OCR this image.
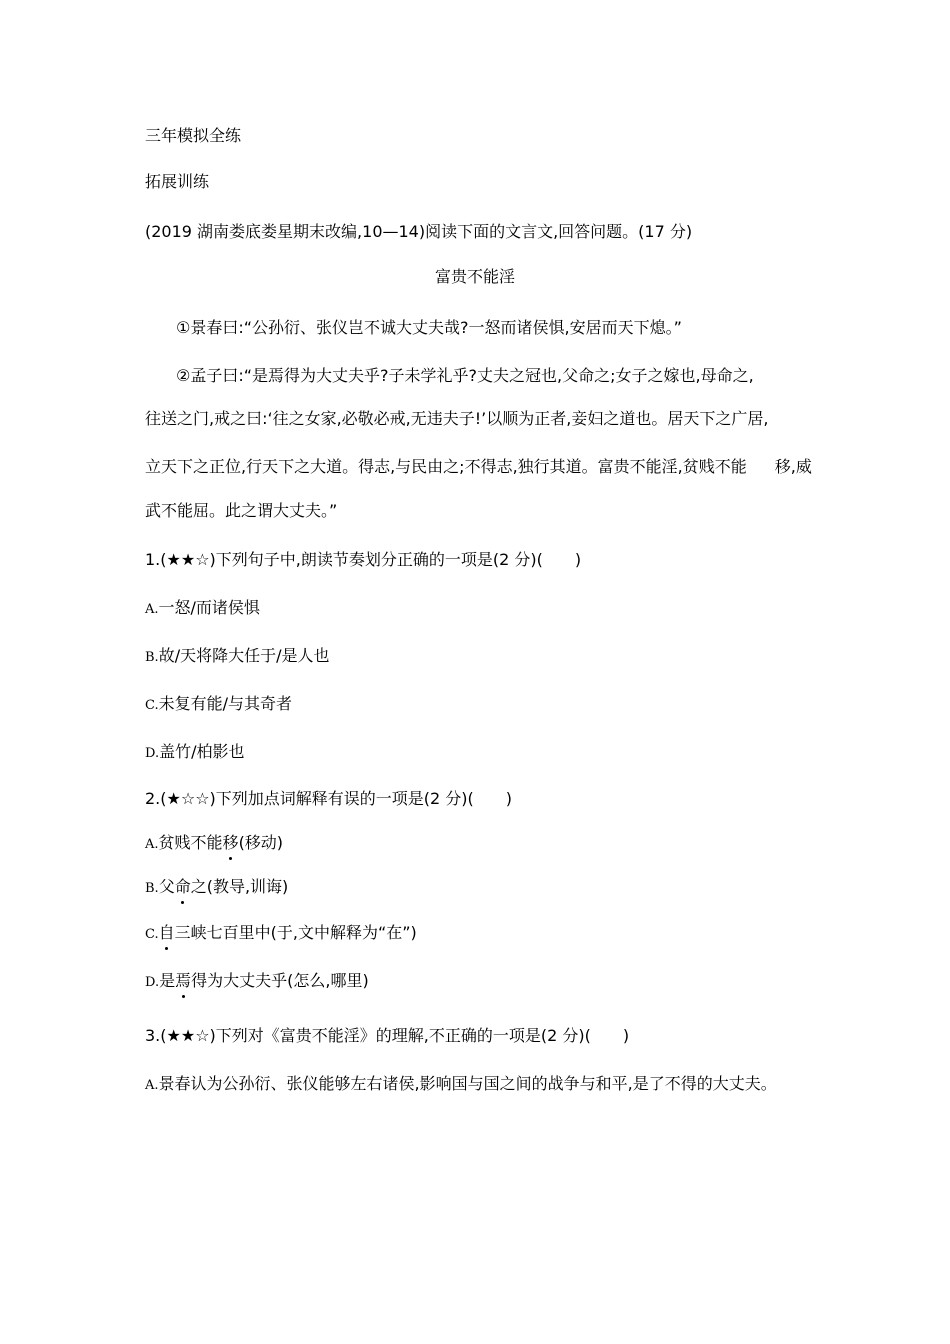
三年模拟全练
拓展训练
(2019 湖南娄底娄星期末改编,10—14)阅读下面的文言文,回答问题。(17 分)
富贵不能淫
①景春曰:“公孙衍、张仪岂不诚大丈夫哉?一怒而诸侯惧,安居而天下熄。”
②孟子曰:“是焉得为大丈夫乎?子未学礼乎?丈夫之冠也,父命之;女子之嫁也,母命之,
往送之门,戒之曰:‘往之女家,必敬必戒,无违夫子!’以顺为正者,妾妇之道也。居天下之广居,
立天下之正位,行天下之大道。得志,与民由之;不得志,独行其道。富贵不能淫,贫贱不能 移,威
武不能屈。此之谓大丈夫。”
1.(★★☆)下列句子中,朗读节奏划分正确的一项是(2 分)(　　)
A.一怒/而诸侯惧
B.故/天将降大任于/是人也
C.未复有能/与其奇者
D.盖竹/柏影也
2.(★☆☆)下列加点词解释有误的一项是(2 分)(　　)
A.贫贱不能移(移动)
B.父命之(教导,训诲)
C.自三峡七百里中(于,文中解释为“在”)
D.是焉得为大丈夫乎(怎么,哪里)
3.(★★☆)下列对《富贵不能淫》的理解,不正确的一项是(2 分)(　　)
A.景春认为公孙衍、张仪能够左右诸侯,影响国与国之间的战争与和平,是了不得的大丈夫。
